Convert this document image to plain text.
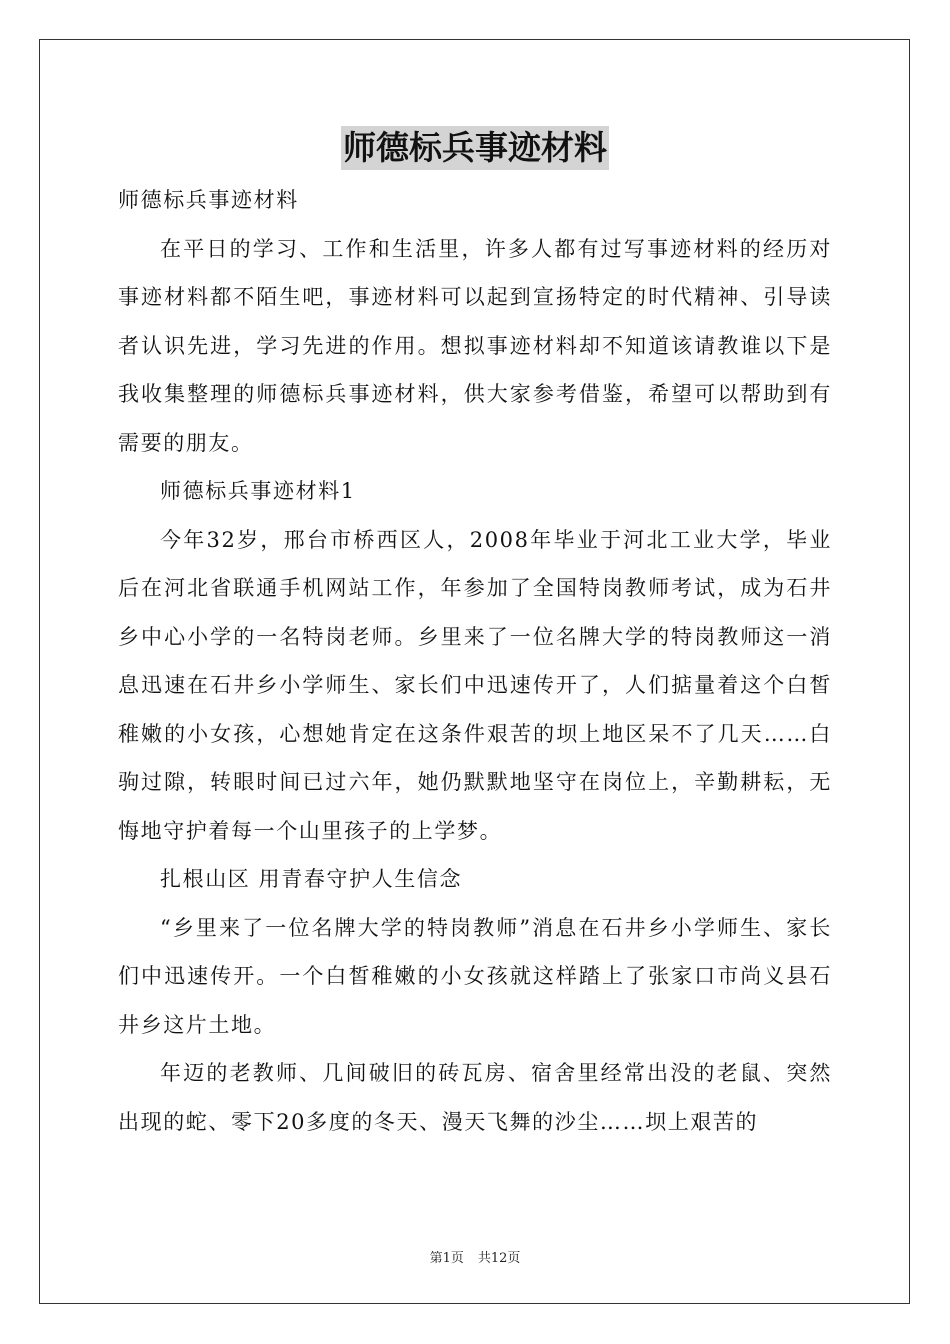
师德标兵事迹材料

师德标兵事迹材料

在平日的学习、工作和生活里，许多人都有过写事迹材料的经历对事迹材料都不陌生吧，事迹材料可以起到宣扬特定的时代精神、引导读者认识先进，学习先进的作用。想拟事迹材料却不知道该请教谁以下是我收集整理的师德标兵事迹材料，供大家参考借鉴，希望可以帮助到有需要的朋友。

师德标兵事迹材料1

今年32岁，邢台市桥西区人，2008年毕业于河北工业大学，毕业后在河北省联通手机网站工作，年参加了全国特岗教师考试，成为石井乡中心小学的一名特岗老师。乡里来了一位名牌大学的特岗教师这一消息迅速在石井乡小学师生、家长们中迅速传开了，人们掂量着这个白皙稚嫩的小女孩，心想她肯定在这条件艰苦的坝上地区呆不了几天……白驹过隙，转眼时间已过六年，她仍默默地坚守在岗位上，辛勤耕耘，无悔地守护着每一个山里孩子的上学梦。

扎根山区 用青春守护人生信念

“乡里来了一位名牌大学的特岗教师”消息在石井乡小学师生、家长们中迅速传开。一个白皙稚嫩的小女孩就这样踏上了张家口市尚义县石井乡这片土地。

年迈的老教师、几间破旧的砖瓦房、宿舍里经常出没的老鼠、突然出现的蛇、零下20多度的冬天、漫天飞舞的沙尘……坝上艰苦的

第1页 共12页
